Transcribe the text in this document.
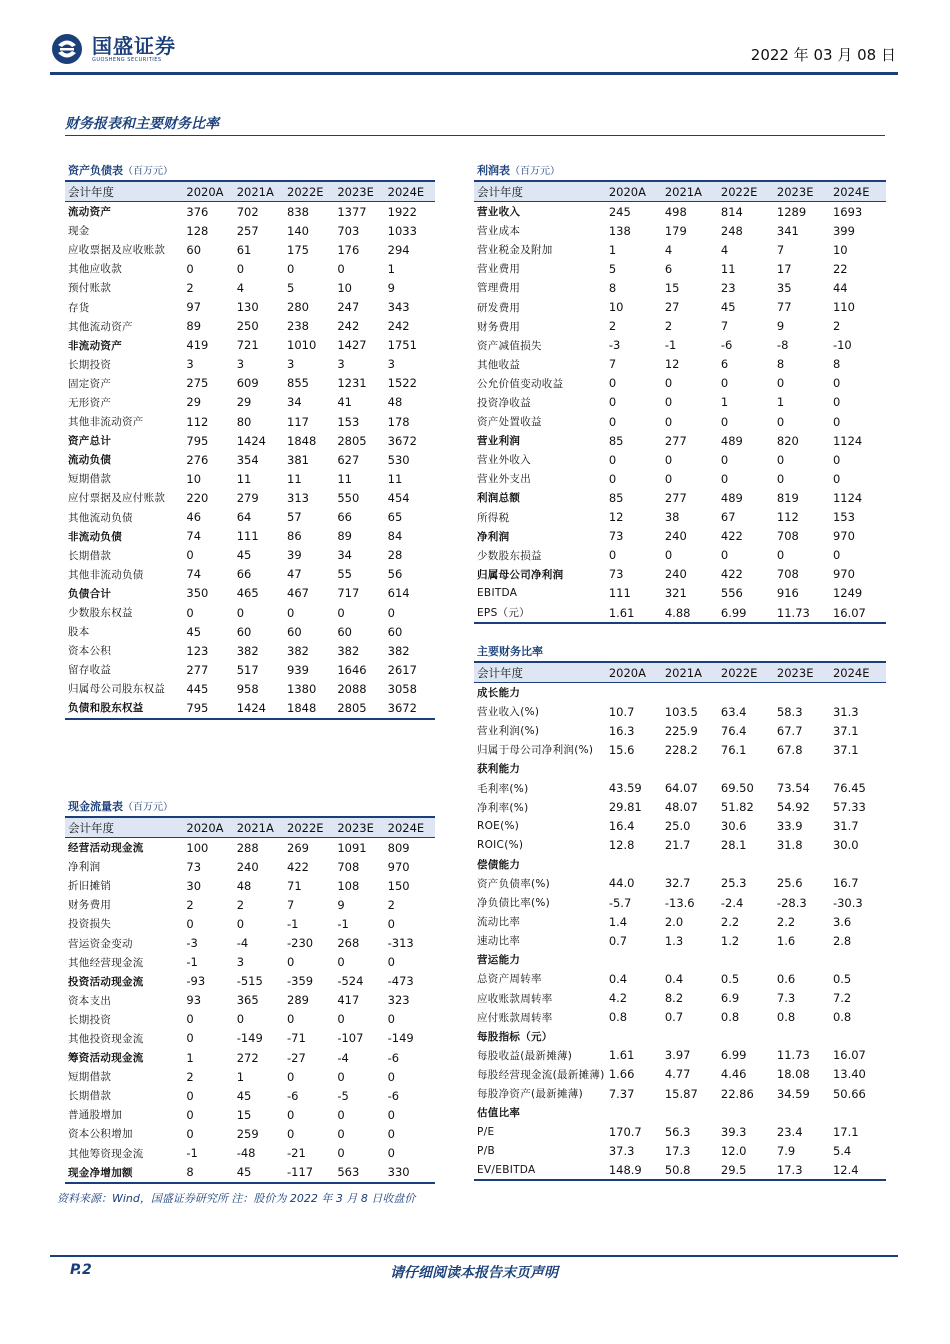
国盛证券
GUOSHENG SECURITIES	2022 年 03 月 08 日
财务报表和主要财务比率
资产负债表（百万元）
会计年度	2020A	2021A	2022E	2023E	2024E
流动资产	376	702	838	1377	1922
现金	128	257	140	703	1033
应收票据及应收账款	60	61	175	176	294
其他应收款	0	0	0	0	1
预付账款	2	4	5	10	9
存货	97	130	280	247	343
其他流动资产	89	250	238	242	242
非流动资产	419	721	1010	1427	1751
长期投资	3	3	3	3	3
固定资产	275	609	855	1231	1522
无形资产	29	29	34	41	48
其他非流动资产	112	80	117	153	178
资产总计	795	1424	1848	2805	3672
流动负债	276	354	381	627	530
短期借款	10	11	11	11	11
应付票据及应付账款	220	279	313	550	454
其他流动负债	46	64	57	66	65
非流动负债	74	111	86	89	84
长期借款	0	45	39	34	28
其他非流动负债	74	66	47	55	56
负债合计	350	465	467	717	614
少数股东权益	0	0	0	0	0
股本	45	60	60	60	60
资本公积	123	382	382	382	382
留存收益	277	517	939	1646	2617
归属母公司股东权益	445	958	1380	2088	3058
负债和股东权益	795	1424	1848	2805	3672
利润表（百万元）
会计年度	2020A	2021A	2022E	2023E	2024E
营业收入	245	498	814	1289	1693
营业成本	138	179	248	341	399
营业税金及附加	1	4	4	7	10
营业费用	5	6	11	17	22
管理费用	8	15	23	35	44
研发费用	10	27	45	77	110
财务费用	2	2	7	9	2
资产减值损失	-3	-1	-6	-8	-10
其他收益	7	12	6	8	8
公允价值变动收益	0	0	0	0	0
投资净收益	0	0	1	1	0
资产处置收益	0	0	0	0	0
营业利润	85	277	489	820	1124
营业外收入	0	0	0	0	0
营业外支出	0	0	0	0	0
利润总额	85	277	489	819	1124
所得税	12	38	67	112	153
净利润	73	240	422	708	970
少数股东损益	0	0	0	0	0
归属母公司净利润	73	240	422	708	970
EBITDA	111	321	556	916	1249
EPS（元）	1.61	4.88	6.99	11.73	16.07
主要财务比率
会计年度	2020A	2021A	2022E	2023E	2024E
成长能力					
营业收入(%)	10.7	103.5	63.4	58.3	31.3
营业利润(%)	16.3	225.9	76.4	67.7	37.1
归属于母公司净利润(%)	15.6	228.2	76.1	67.8	37.1
获利能力					
毛利率(%)	43.59	64.07	69.50	73.54	76.45
净利率(%)	29.81	48.07	51.82	54.92	57.33
ROE(%)	16.4	25.0	30.6	33.9	31.7
ROIC(%)	12.8	21.7	28.1	31.8	30.0
偿债能力					
资产负债率(%)	44.0	32.7	25.3	25.6	16.7
净负债比率(%)	-5.7	-13.6	-2.4	-28.3	-30.3
流动比率	1.4	2.0	2.2	2.2	3.6
速动比率	0.7	1.3	1.2	1.6	2.8
营运能力					
总资产周转率	0.4	0.4	0.5	0.6	0.5
应收账款周转率	4.2	8.2	6.9	7.3	7.2
应付账款周转率	0.8	0.7	0.8	0.8	0.8
每股指标（元）					
每股收益(最新摊薄)	1.61	3.97	6.99	11.73	16.07
每股经营现金流(最新摊薄)	1.66	4.77	4.46	18.08	13.40
每股净资产(最新摊薄)	7.37	15.87	22.86	34.59	50.66
估值比率					
P/E	170.7	56.3	39.3	23.4	17.1
P/B	37.3	17.3	12.0	7.9	5.4
EV/EBITDA	148.9	50.8	29.5	17.3	12.4
现金流量表（百万元）
会计年度	2020A	2021A	2022E	2023E	2024E
经营活动现金流	100	288	269	1091	809
净利润	73	240	422	708	970
折旧摊销	30	48	71	108	150
财务费用	2	2	7	9	2
投资损失	0	0	-1	-1	0
营运资金变动	-3	-4	-230	268	-313
其他经营现金流	-1	3	0	0	0
投资活动现金流	-93	-515	-359	-524	-473
资本支出	93	365	289	417	323
长期投资	0	0	0	0	0
其他投资现金流	0	-149	-71	-107	-149
筹资活动现金流	1	272	-27	-4	-6
短期借款	2	1	0	0	0
长期借款	0	45	-6	-5	-6
普通股增加	0	15	0	0	0
资本公积增加	0	259	0	0	0
其他筹资现金流	-1	-48	-21	0	0
现金净增加额	8	45	-117	563	330
资料来源：Wind，国盛证券研究所 注：股价为 2022 年 3 月 8 日收盘价
请仔细阅读本报告末页声明
P.2
